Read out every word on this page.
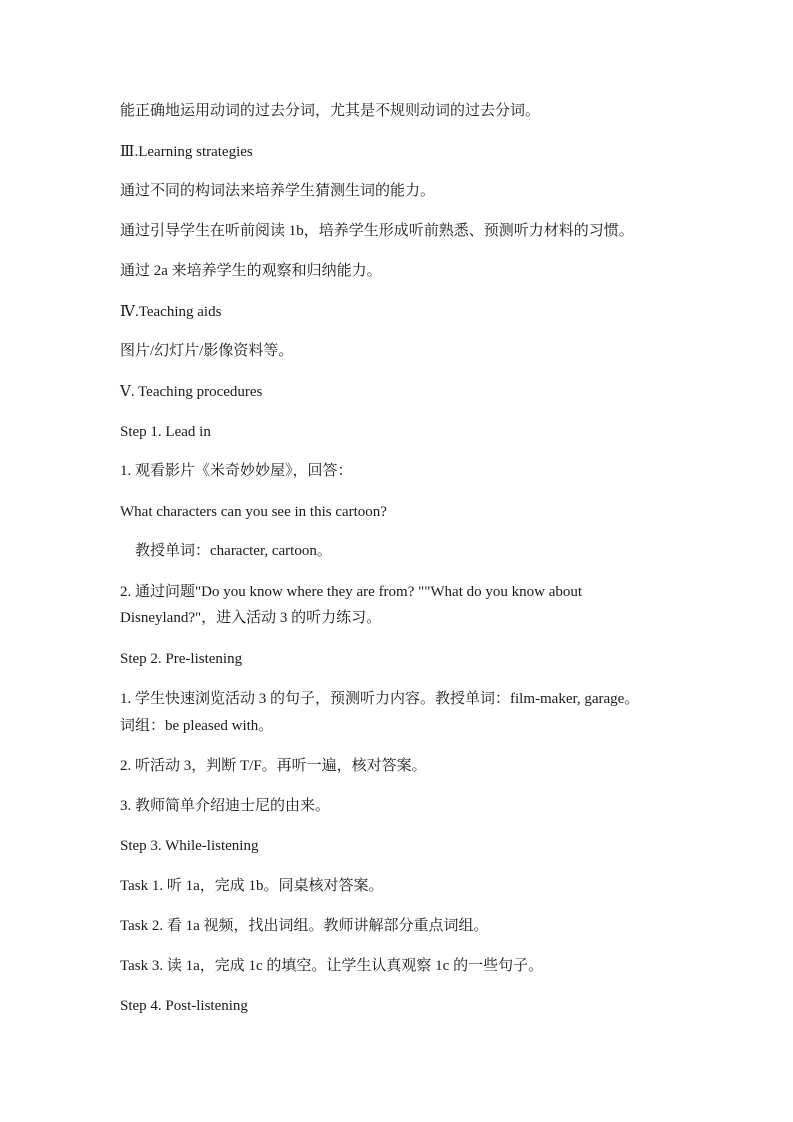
能正确地运用动词的过去分词，尤其是不规则动词的过去分词。
Ⅲ.Learning strategies
通过不同的构词法来培养学生猜测生词的能力。
通过引导学生在听前阅读 1b，培养学生形成听前熟悉、预测听力材料的习惯。
通过 2a 来培养学生的观察和归纳能力。
Ⅳ.Teaching aids
图片/幻灯片/影像资料等。
Ⅴ. Teaching procedures
Step 1. Lead in
1. 观看影片《米奇妙妙屋》，回答：
What characters can you see in this cartoon?
教授单词：character, cartoon。
2. 通过问题"Do you know where they are from? ""What do you know about
Disneyland?"，进入活动 3 的听力练习。
Step 2. Pre-listening
1. 学生快速浏览活动 3 的句子，预测听力内容。教授单词：film-maker, garage。
词组：be pleased with。
2. 听活动 3，判断 T/F。再听一遍，核对答案。
3. 教师简单介绍迪士尼的由来。
Step 3. While-listening
Task 1. 听 1a，完成 1b。同桌核对答案。
Task 2. 看 1a 视频，找出词组。教师讲解部分重点词组。
Task 3. 读 1a，完成 1c 的填空。让学生认真观察 1c 的一些句子。
Step 4. Post-listening
